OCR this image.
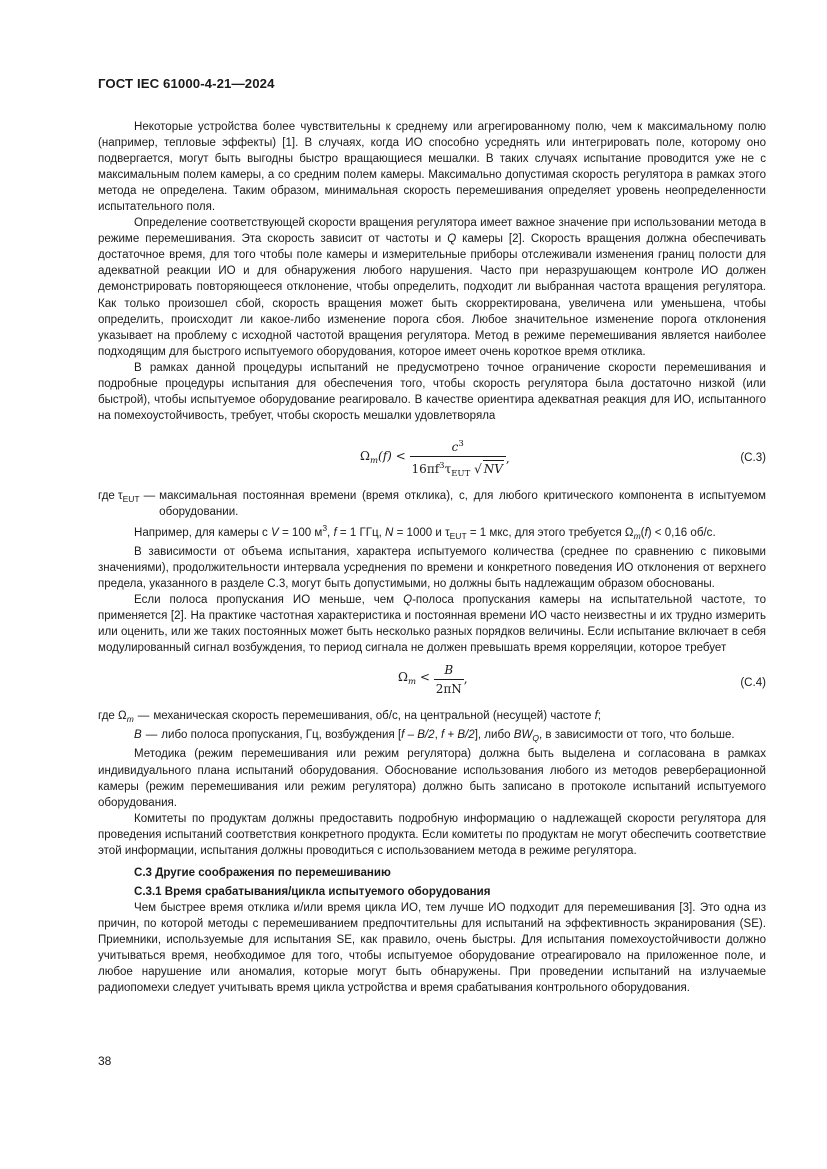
ГОСТ IEC 61000-4-21—2024

Некоторые устройства более чувствительны к среднему или агрегированному полю, чем к максимальному полю (например, тепловые эффекты) [1]. В случаях, когда ИО способно усреднять или интегрировать поле, которому оно подвергается, могут быть выгодны быстро вращающиеся мешалки. В таких случаях испытание проводится уже не с максимальным полем камеры, а со средним полем камеры. Максимально допустимая скорость регулятора в рамках этого метода не определена. Таким образом, минимальная скорость перемешивания определяет уровень неопределенности испытательного поля.

Определение соответствующей скорости вращения регулятора имеет важное значение при использовании метода в режиме перемешивания. Эта скорость зависит от частоты и Q камеры [2]. Скорость вращения должна обеспечивать достаточное время, для того чтобы поле камеры и измерительные приборы отслеживали изменения границ полости для адекватной реакции ИО и для обнаружения любого нарушения. Часто при неразрушающем контроле ИО должен демонстрировать повторяющееся отклонение, чтобы определить, подходит ли выбранная частота вращения регулятора. Как только произошел сбой, скорость вращения может быть скорректирована, увеличена или уменьшена, чтобы определить, происходит ли какое-либо изменение порога сбоя. Любое значительное изменение порога отклонения указывает на проблему с исходной частотой вращения регулятора. Метод в режиме перемешивания является наиболее подходящим для быстрого испытуемого оборудования, которое имеет очень короткое время отклика.

В рамках данной процедуры испытаний не предусмотрено точное ограничение скорости перемешивания и подробные процедуры испытания для обеспечения того, чтобы скорость регулятора была достаточно низкой (или быстрой), чтобы испытуемое оборудование реагировало. В качестве ориентира адекватная реакция для ИО, испытанного на помехоустойчивость, требует, чтобы скорость мешалки удовлетворяла

$\Omega_m(f) < \frac{c^3}{16\pi f^3\tau_{EUT} √ NV}$ ,	(C.3)
где $\tau_{EUT}$ — максимальная постоянная времени (время отклика), с, для любого критического компонента в испытуемом оборудовании.

Например, для камеры с V = 100 $м^3$, f = 1 ГГц, N = 1000 и $\tau_{EUT} = 1$ мкс, для этого требуется $\Omega_m(f) < 0,16$ об/с.

В зависимости от объема испытания, характера испытуемого количества (среднее по сравнению с пиковыми значениями), продолжительности интервала усреднения по времени и конкретного поведения ИО отклонения от верхнего предела, указанного в разделе С.3, могут быть допустимыми, но должны быть надлежащим образом обоснованы.

Если полоса пропускания ИО меньше, чем Q-полоса пропускания камеры на испытательной частоте, то применяется [2]. На практике частотная характеристика и постоянная времени ИО часто неизвестны и их трудно измерить или оценить, или же таких постоянных может быть несколько разных порядков величины. Если испытание включает в себя модулированный сигнал возбуждения, то период сигнала не должен превышать время корреляции, которое требует

$\Omega_m < \frac{B}{2\pi N}$ ,	(C.4)
где $\Omega_m$ — механическая скорость перемешивания, об/с, на центральной (несущей) частоте f;
B — либо полоса пропускания, Гц, возбуждения [f – B/2, f + B/2], либо $BW_Q$, в зависимости от того, что больше.

Методика (режим перемешивания или режим регулятора) должна быть выделена и согласована в рамках индивидуального плана испытаний оборудования. Обоснование использования любого из методов реверберационной камеры (режим перемешивания или режим регулятора) должно быть записано в протоколе испытаний испытуемого оборудования.

Комитеты по продуктам должны предоставить подробную информацию о надлежащей скорости регулятора для проведения испытаний соответствия конкретного продукта. Если комитеты по продуктам не могут обеспечить соответствие этой информации, испытания должны проводиться с использованием метода в режиме регулятора.

С.3 Другие соображения по перемешиванию
С.3.1 Время срабатывания/цикла испытуемого оборудования

Чем быстрее время отклика и/или время цикла ИО, тем лучше ИО подходит для перемешивания [3]. Это одна из причин, по которой методы с перемешиванием предпочтительны для испытаний на эффективность экранирования (SE). Приемники, используемые для испытания SE, как правило, очень быстры. Для испытания помехоустойчивости должно учитываться время, необходимое для того, чтобы испытуемое оборудование отреагировало на приложенное поле, и любое нарушение или аномалия, которые могут быть обнаружены. При проведении испытаний на излучаемые радиопомехи следует учитывать время цикла устройства и время срабатывания контрольного оборудования.

38
